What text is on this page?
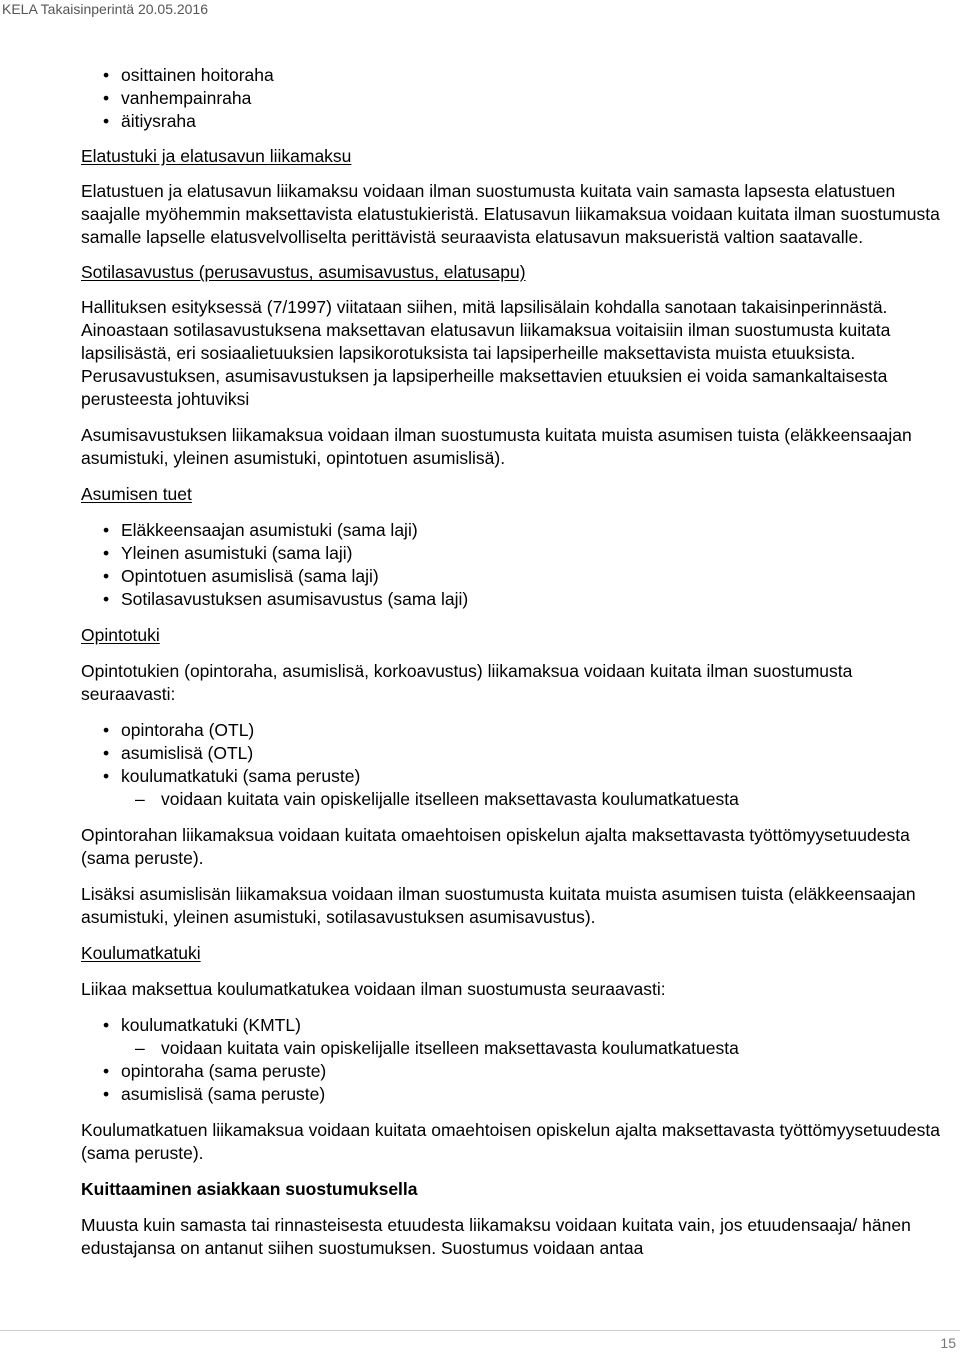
KELA Takaisinperintä 20.05.2016
• osittainen hoitoraha
• vanhempainraha
• äitiysraha

Elatustuki ja elatusavun liikamaksu

Elatustuen ja elatusavun liikamaksu voidaan ilman suostumusta kuitata vain samasta lapsesta elatustuen saajalle myöhemmin maksettavista elatustukieristä. Elatusavun liikamaksua voidaan kuitata ilman suostumusta samalle lapselle elatusvelvolliselta perittävistä seuraavista elatusavun maksueristä valtion saatavalle.

Sotilasavustus (perusavustus, asumisavustus, elatusapu)

Hallituksen esityksessä (7/1997) viitataan siihen, mitä lapsilisälain kohdalla sanotaan takaisinperinnästä. Ainoastaan sotilasavustuksena maksettavan elatusavun liikamaksua voitaisiin ilman suostumusta kuitata lapsilisästä, eri sosiaalietuuksien lapsikorotuksista tai lapsiperheille maksettavista muista etuuksista. Perusavustuksen, asumisavustuksen ja lapsiperheille maksettavien etuuksien ei voida samankaltaisesta perusteesta johtuviksi

Asumisavustuksen liikamaksua voidaan ilman suostumusta kuitata muista asumisen tuista (eläkkeensaajan asumistuki, yleinen asumistuki, opintotuen asumislisä).

Asumisen tuet

• Eläkkeensaajan asumistuki (sama laji)
• Yleinen asumistuki (sama laji)
• Opintotuen asumislisä (sama laji)
• Sotilasavustuksen asumisavustus (sama laji)

Opintotuki

Opintotukien (opintoraha, asumislisä, korkoavustus) liikamaksua voidaan kuitata ilman suostumusta seuraavasti:

• opintoraha (OTL)
• asumislisä (OTL)
• koulumatkatuki (sama peruste)
– voidaan kuitata vain opiskelijalle itselleen maksettavasta koulumatkatuesta

Opintorahan liikamaksua voidaan kuitata omaehtoisen opiskelun ajalta maksettavasta työttömyysetuudesta (sama peruste).

Lisäksi asumislisän liikamaksua voidaan ilman suostumusta kuitata muista asumisen tuista (eläkkeensaajan asumistuki, yleinen asumistuki, sotilasavustuksen asumisavustus).

Koulumatkatuki

Liikaa maksettua koulumatkatukea voidaan ilman suostumusta seuraavasti:

• koulumatkatuki (KMTL)
– voidaan kuitata vain opiskelijalle itselleen maksettavasta koulumatkatuesta
• opintoraha (sama peruste)
• asumislisä (sama peruste)

Koulumatkatuen liikamaksua voidaan kuitata omaehtoisen opiskelun ajalta maksettavasta työttömyysetuudesta (sama peruste).

Kuittaaminen asiakkaan suostumuksella

Muusta kuin samasta tai rinnasteisesta etuudesta liikamaksu voidaan kuitata vain, jos etuudensaaja/ hänen edustajansa on antanut siihen suostumuksen. Suostumus voidaan antaa

15
